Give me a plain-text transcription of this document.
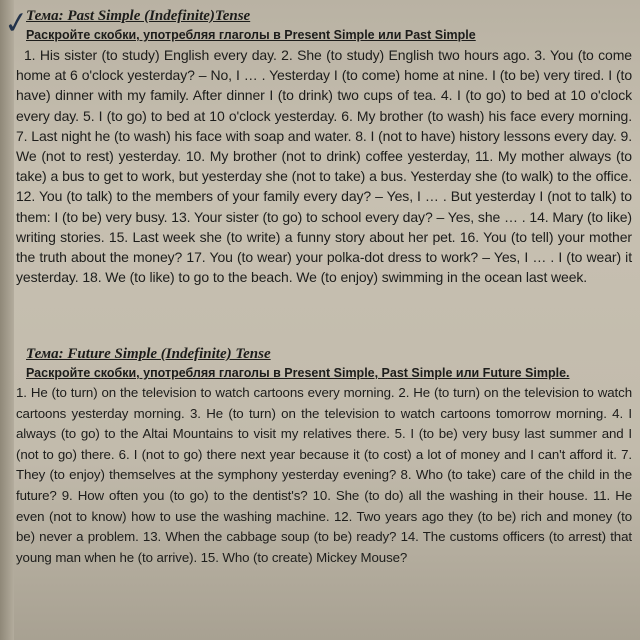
✓
Тема: Past Simple (Indefinite)Tense
Раскройте скобки, употребляя глаголы в Present Simple или Past Simple

1. His sister (to study) English every day. 2. She (to study) English two hours ago. 3. You (to come home at 6 o'clock yesterday? – No, I … . Yesterday I (to come) home at nine. I (to be) very tired. I (to have) dinner with my family. After dinner I (to drink) two cups of tea. 4. I (to go) to bed at 10 o'clock every day. 5. I (to go) to bed at 10 o'clock yesterday. 6. My brother (to wash) his face every morning. 7. Last night he (to wash) his face with soap and water. 8. I (not to have) history lessons every day. 9. We (not to rest) yesterday. 10. My brother (not to drink) coffee yesterday, 11. My mother always (to take) a bus to get to work, but yesterday she (not to take) a bus. Yesterday she (to walk) to the office. 12. You (to talk) to the members of your family every day? – Yes, I … . But yesterday I (not to talk) to them: I (to be) very busy. 13. Your sister (to go) to school every day? – Yes, she … . 14. Mary (to like) writing stories. 15. Last week she (to write) a funny story about her pet. 16. You (to tell) your mother the truth about the money? 17. You (to wear) your polka-dot dress to work? – Yes, I … . I (to wear) it yesterday. 18. We (to like) to go to the beach. We (to enjoy) swimming in the ocean last week.

Тема: Future Simple (Indefinite) Tense
Раскройте скобки, употребляя глаголы в Present Simple, Past Simple или Future Simple.

1. He (to turn) on the television to watch cartoons every morning. 2. He (to turn) on the television to watch cartoons yesterday morning. 3. He (to turn) on the television to watch cartoons tomorrow morning. 4. I always (to go) to the Altai Mountains to visit my relatives there. 5. I (to be) very busy last summer and I (not to go) there. 6. I (not to go) there next year because it (to cost) a lot of money and I can't afford it. 7. They (to enjoy) themselves at the symphony yesterday evening? 8. Who (to take) care of the child in the future? 9. How often you (to go) to the dentist's? 10. She (to do) all the washing in their house. 11. He even (not to know) how to use the washing machine. 12. Two years ago they (to be) rich and money (to be) never a problem. 13. When the cabbage soup (to be) ready? 14. The customs officers (to arrest) that young man when he (to arrive). 15. Who (to create) Mickey Mouse?
